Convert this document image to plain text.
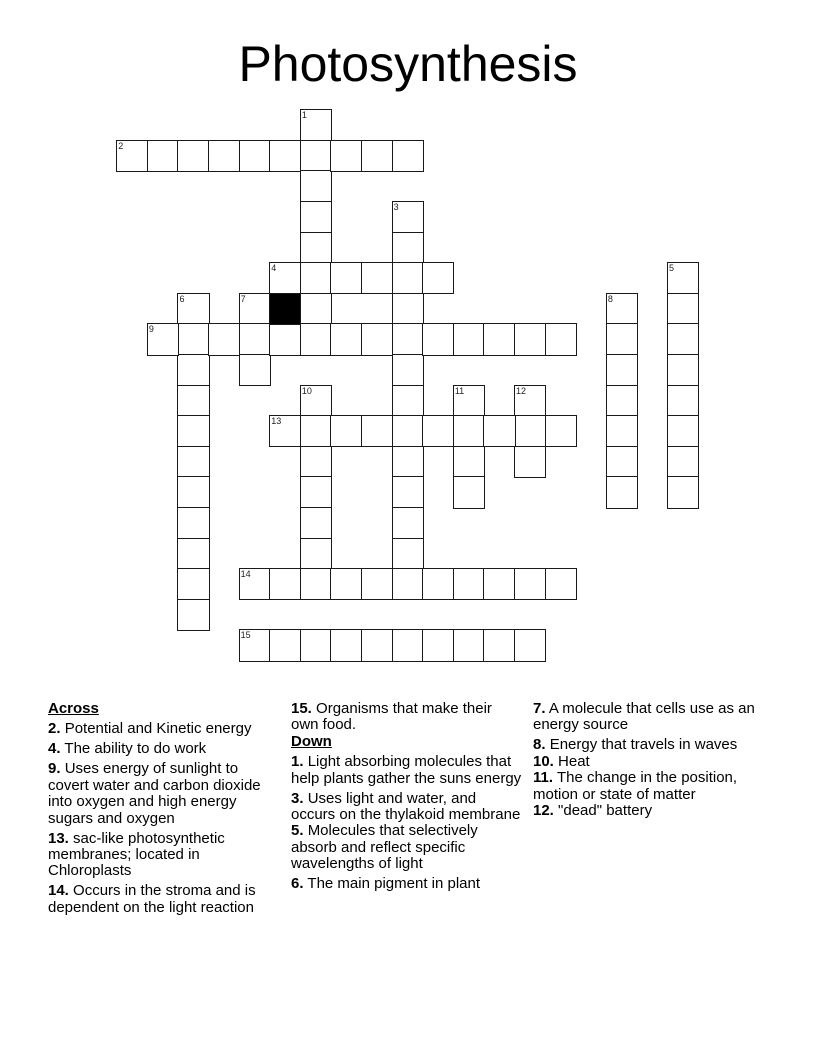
Photosynthesis
1
2
3
4	5
6	7	8
9
10	11	12
13
14
15
Across
2. Potential and Kinetic energy
4. The ability to do work
9. Uses energy of sunlight to covert water and carbon dioxide into oxygen and high energy sugars and oxygen
13. sac-like photosynthetic membranes; located in Chloroplasts
14. Occurs in the stroma and is dependent on the light reaction
15. Organisms that make their own food.
Down
1. Light absorbing molecules that help plants gather the suns energy
3. Uses light and water, and occurs on the thylakoid membrane
5. Molecules that selectively absorb and reflect specific wavelengths of light
6. The main pigment in plant
7. A molecule that cells use as an energy source
8. Energy that travels in waves
10. Heat
11. The change in the position, motion or state of matter
12. "dead" battery
